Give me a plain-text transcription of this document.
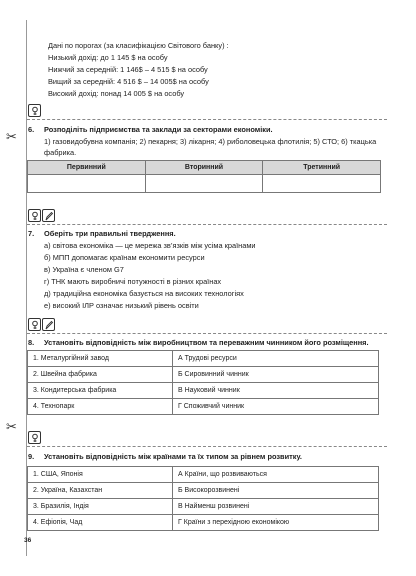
Дані по порогах (за класифікацією Світового банку) :
Низький дохід: до 1 145 $ на особу
Нижчий за середній: 1 146$ – 4 515 $ на особу
Вищий за середній: 4 516 $ – 14 005$ на особу
Високий дохід: понад 14 005 $ на особу
✂
6. Розподіліть підприємства та заклади за секторами економіки.
1) газовидобувна компанія; 2) пекарня; 3) лікарня; 4) риболовецька флотилія; 5) СТО; 6) ткацька
фабрика.
Первинний	Вторинний	Третинний

7. Оберіть три правильні твердження.
а) світова економіка — це мережа зв’язків між усіма країнами
б) МПП допомагає країнам економити ресурси
в) Україна є членом G7
г) ТНК мають виробничі потужності в різних країнах
д) традиційна економіка базується на високих технологіях
е) високий ІЛР означає низький рівень освіти
8. Установіть відповідність між виробництвом та переважним чинником його розміщення.
1. Металургійний завод	А Трудові ресурси
2. Швейна фабрика	Б Сировинний чинник
3. Кондитерська фабрика	В Науковий чинник
4. Технопарк	Г Споживчий чинник
✂
9. Установіть відповідність між країнами та їх типом за рівнем розвитку.
1. США, Японія	А Країни, що розвиваються
2. Україна, Казахстан	Б Високорозвинені
3. Бразилія, Індія	В Найменш розвинені
4. Ефіопія, Чад	Г Країни з перехідною економікою
36
